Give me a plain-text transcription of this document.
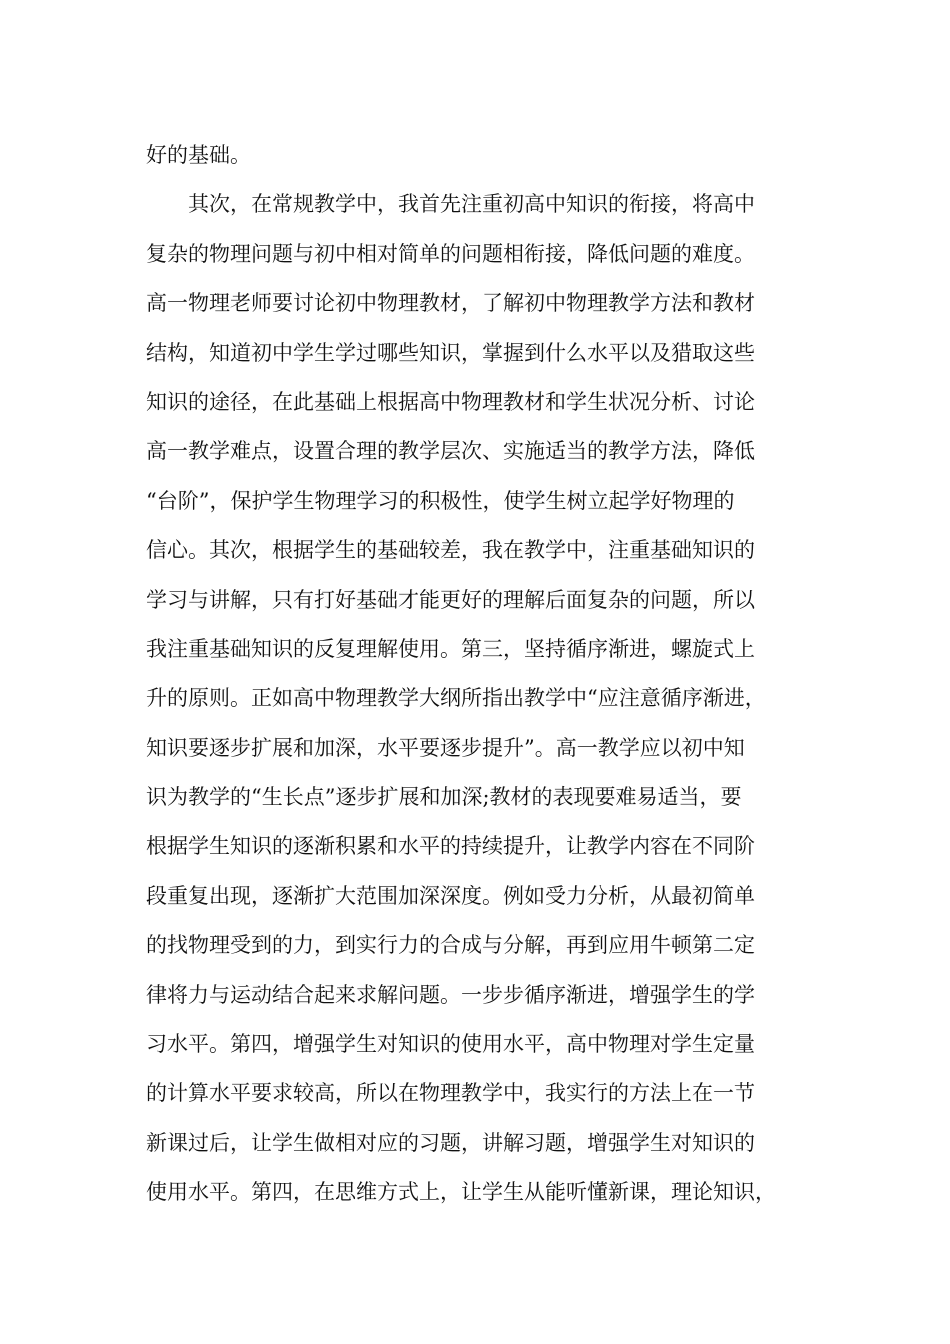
好的基础。
　　其次，在常规教学中，我首先注重初高中知识的衔接，将高中
复杂的物理问题与初中相对简单的问题相衔接，降低问题的难度。
高一物理老师要讨论初中物理教材，了解初中物理教学方法和教材
结构，知道初中学生学过哪些知识，掌握到什么水平以及猎取这些
知识的途径，在此基础上根据高中物理教材和学生状况分析、讨论
高一教学难点，设置合理的教学层次、实施适当的教学方法，降低
“台阶”，保护学生物理学习的积极性，使学生树立起学好物理的
信心。其次，根据学生的基础较差，我在教学中，注重基础知识的
学习与讲解，只有打好基础才能更好的理解后面复杂的问题，所以
我注重基础知识的反复理解使用。第三，坚持循序渐进，螺旋式上
升的原则。正如高中物理教学大纲所指出教学中“应注意循序渐进，
知识要逐步扩展和加深，水平要逐步提升”。高一教学应以初中知
识为教学的“生长点”逐步扩展和加深;教材的表现要难易适当，要
根据学生知识的逐渐积累和水平的持续提升，让教学内容在不同阶
段重复出现，逐渐扩大范围加深深度。例如受力分析，从最初简单
的找物理受到的力，到实行力的合成与分解，再到应用牛顿第二定
律将力与运动结合起来求解问题。一步步循序渐进，增强学生的学
习水平。第四，增强学生对知识的使用水平，高中物理对学生定量
的计算水平要求较高，所以在物理教学中，我实行的方法上在一节
新课过后，让学生做相对应的习题，讲解习题，增强学生对知识的
使用水平。第四，在思维方式上，让学生从能听懂新课，理论知识，
